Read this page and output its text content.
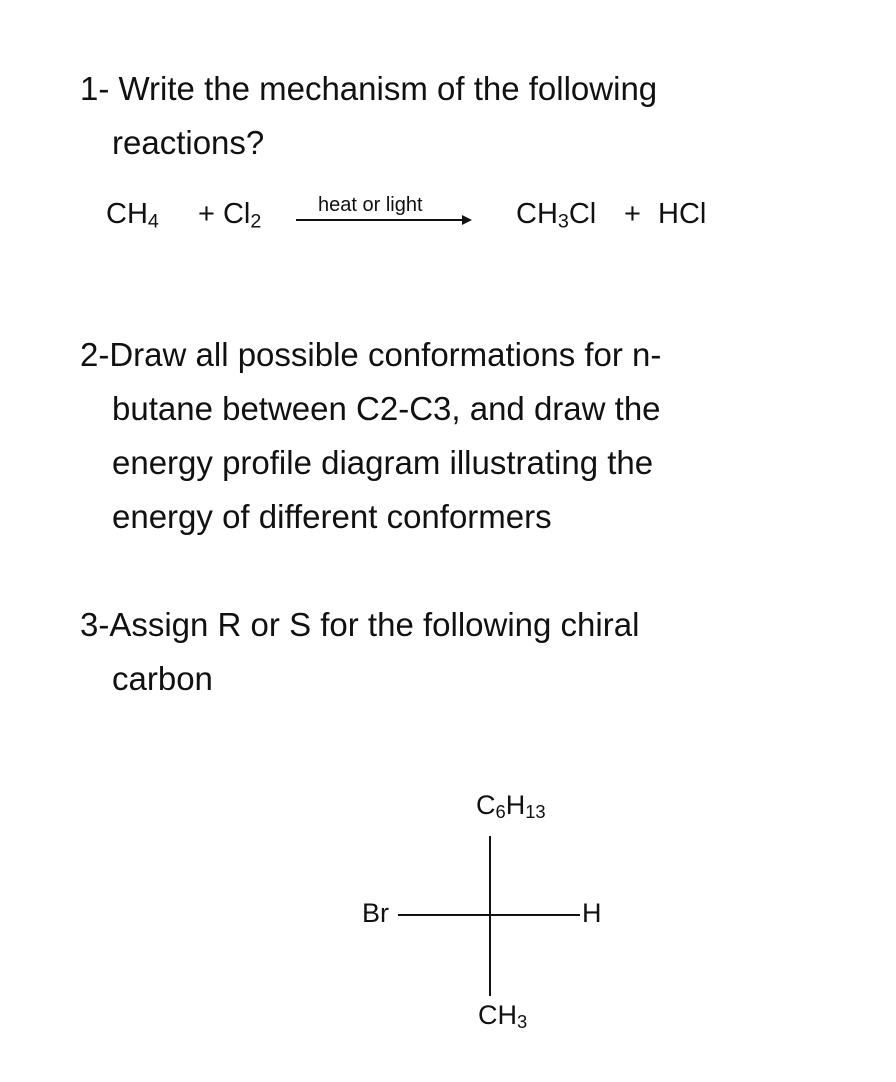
1- Write the mechanism of the following
reactions?
$CH_4 + Cl_2$
heat or light	$CH_3Cl$ + HCl
2-Draw all possible conformations for n-
butane between C2-C3, and draw the
energy profile diagram illustrating the
energy of different conformers
3-Assign R or S for the following chiral
carbon
$C_6H_{13}$
Br	H
$CH_3$
